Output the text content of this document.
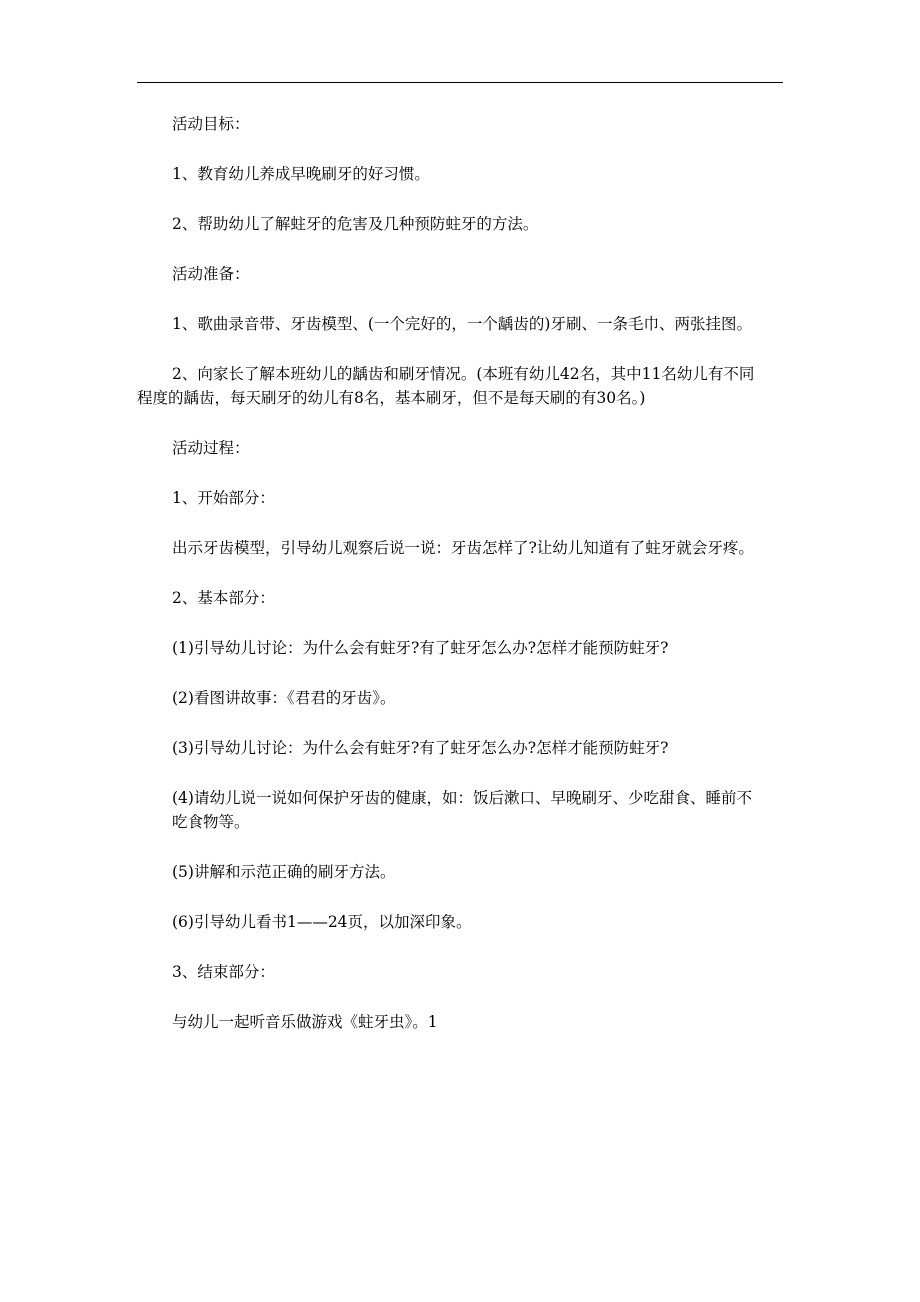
活动目标：

1、教育幼儿养成早晚刷牙的好习惯。

2、帮助幼儿了解蛀牙的危害及几种预防蛀牙的方法。

活动准备：

1、歌曲录音带、牙齿模型、(一个完好的，一个龋齿的)牙刷、一条毛巾、两张挂图。

2、向家长了解本班幼儿的龋齿和刷牙情况。(本班有幼儿42名，其中11名幼儿有不同
程度的龋齿，每天刷牙的幼儿有8名，基本刷牙，但不是每天刷的有30名。)

活动过程：

1、开始部分：

出示牙齿模型，引导幼儿观察后说一说：牙齿怎样了?让幼儿知道有了蛀牙就会牙疼。

2、基本部分：

(1)引导幼儿讨论：为什么会有蛀牙?有了蛀牙怎么办?怎样才能预防蛀牙?

(2)看图讲故事：《君君的牙齿》。

(3)引导幼儿讨论：为什么会有蛀牙?有了蛀牙怎么办?怎样才能预防蛀牙?

(4)请幼儿说一说如何保护牙齿的健康，如：饭后漱口、早晚刷牙、少吃甜食、睡前不
吃食物等。

(5)讲解和示范正确的刷牙方法。

(6)引导幼儿看书1——24页，以加深印象。

3、结束部分：

与幼儿一起听音乐做游戏《蛀牙虫》。1
